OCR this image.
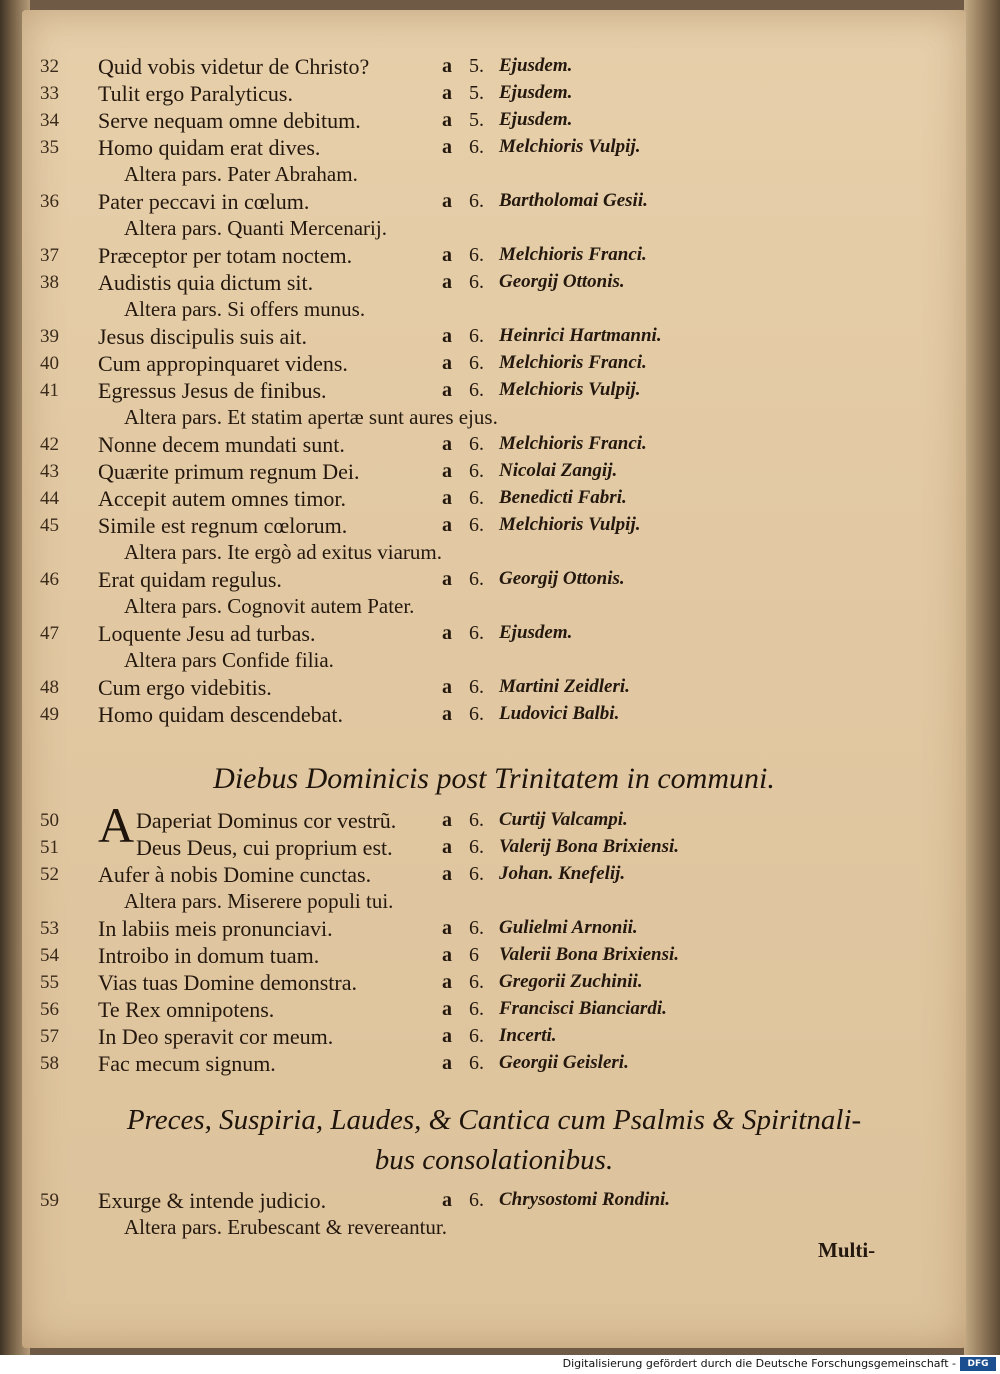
32	Quid vobis videtur de Christo?	a 5. Ejusdem.
33	Tulit ergo Paralyticus.	a 5. Ejusdem.
34	Serve nequam omne debitum.	a 5. Ejusdem.
35	Homo quidam erat dives.	a 6. Melchioris Vulpij.
Altera pars. Pater Abraham.
36	Pater peccavi in cœlum.	a 6. Bartholomai Gesii.
Altera pars. Quanti Mercenarij.
37	Præceptor per totam noctem.	a 6. Melchioris Franci.
38	Audistis quia dictum sit.	a 6. Georgij Ottonis.
Altera pars. Si offers munus.
39	Jesus discipulis suis ait.	a 6. Heinrici Hartmanni.
40	Cum appropinquaret videns.	a 6. Melchioris Franci.
41	Egressus Jesus de finibus.	a 6. Melchioris Vulpij.
Altera pars. Et statim apertæ sunt aures ejus.
42	Nonne decem mundati sunt.	a 6. Melchioris Franci.
43	Quærite primum regnum Dei.	a 6. Nicolai Zangij.
44	Accepit autem omnes timor.	a 6. Benedicti Fabri.
45	Simile est regnum cœlorum.	a 6. Melchioris Vulpij.
Altera pars. Ite ergò ad exitus viarum.
46	Erat quidam regulus.	a 6. Georgij Ottonis.
Altera pars. Cognovit autem Pater.
47	Loquente Jesu ad turbas.	a 6. Ejusdem.
Altera pars Confide filia.
48	Cum ergo videbitis.	a 6. Martini Zeidleri.
49	Homo quidam descendebat.	a 6. Ludovici Balbi.
Diebus Dominicis post Trinitatem in communi.
A
50	Daperiat Dominus cor vestrũ. a 6. Curtij Valcampi.
51	Deus Deus, cui proprium est. a 6. Valerij Bona Brixiensi.
52	Aufer à nobis Domine cunctas.	a 6. Johan. Knefelij.
Altera pars. Miserere populi tui.
53	In labiis meis pronunciavi.	a 6. Gulielmi Arnonii.
54	Introibo in domum tuam.	a 6 Valerii Bona Brixiensi.
55	Vias tuas Domine demonstra.	a 6. Gregorii Zuchinii.
56	Te Rex omnipotens.	a 6. Francisci Bianciardi.
57	In Deo speravit cor meum.	a 6. Incerti.
58	Fac mecum signum.	a 6. Georgii Geisleri.
Preces, Suspiria, Laudes, & Cantica cum Psalmis & Spiritnali-
bus consolationibus.
59	Exurge & intende judicio.	a 6. Chrysostomi Rondini.
Altera pars. Erubescant & revereantur.
Multi-
Digitalisierung gefördert durch die Deutsche Forschungsgemeinschaft -	DFG
